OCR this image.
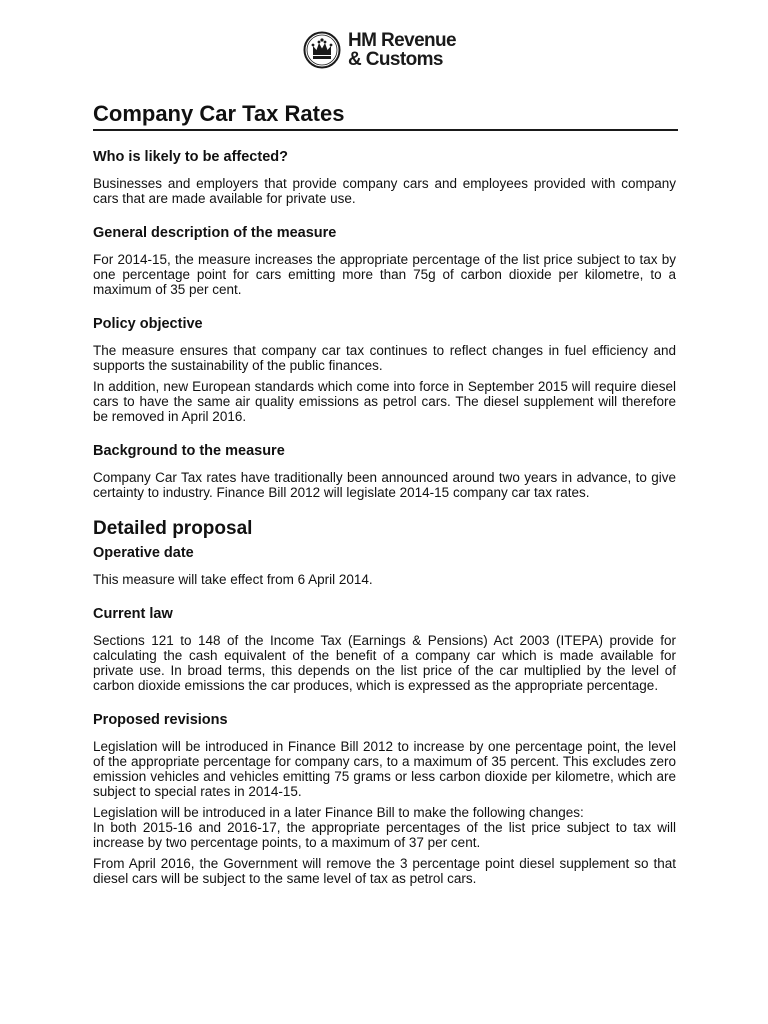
HM Revenue
& Customs
Company Car Tax Rates
Who is likely to be affected?
Businesses and employers that provide company cars and employees provided with company cars that are made available for private use.
General description of the measure
For 2014-15, the measure increases the appropriate percentage of the list price subject to tax by one percentage point for cars emitting more than 75g of carbon dioxide per kilometre, to a maximum of 35 per cent.
Policy objective
The measure ensures that company car tax continues to reflect changes in fuel efficiency and supports the sustainability of the public finances.
In addition, new European standards which come into force in September 2015 will require diesel cars to have the same air quality emissions as petrol cars. The diesel supplement will therefore be removed in April 2016.
Background to the measure
Company Car Tax rates have traditionally been announced around two years in advance, to give certainty to industry. Finance Bill 2012 will legislate 2014-15 company car tax rates.
Detailed proposal
Operative date
This measure will take effect from 6 April 2014.
Current law
Sections 121 to 148 of the Income Tax (Earnings & Pensions) Act 2003 (ITEPA) provide for calculating the cash equivalent of the benefit of a company car which is made available for private use. In broad terms, this depends on the list price of the car multiplied by the level of carbon dioxide emissions the car produces, which is expressed as the appropriate percentage.
Proposed revisions
Legislation will be introduced in Finance Bill 2012 to increase by one percentage point, the level of the appropriate percentage for company cars, to a maximum of 35 percent. This excludes zero emission vehicles and vehicles emitting 75 grams or less carbon dioxide per kilometre, which are subject to special rates in 2014-15.
Legislation will be introduced in a later Finance Bill to make the following changes:
In both 2015-16 and 2016-17, the appropriate percentages of the list price subject to tax will increase by two percentage points, to a maximum of 37 per cent.
From April 2016, the Government will remove the 3 percentage point diesel supplement so that diesel cars will be subject to the same level of tax as petrol cars.
